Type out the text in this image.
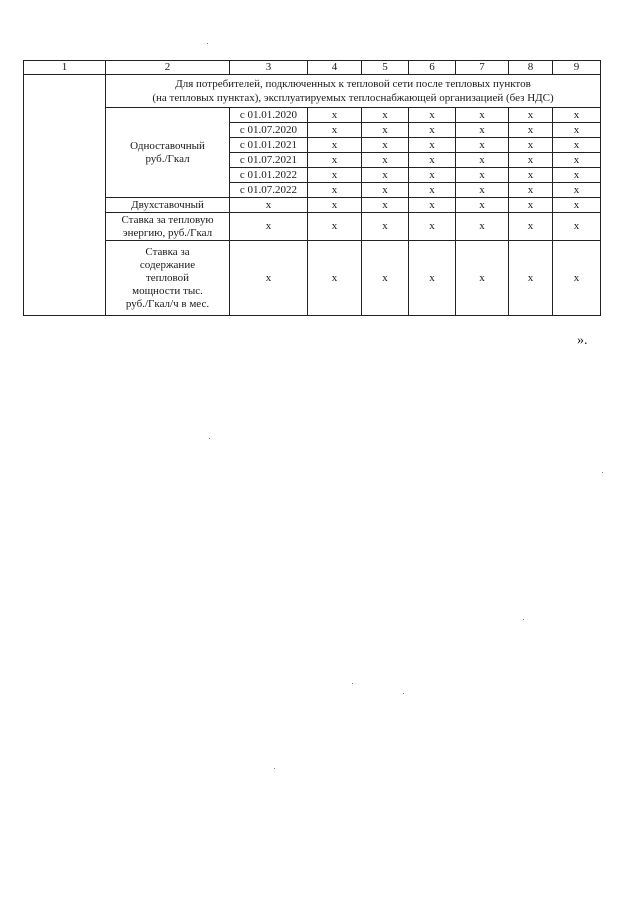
1	2	3	4	5	6	7	8	9
	Для потребителей, подключенных к тепловой сети после тепловых пунктов
(на тепловых пунктах), эксплуатируемых теплоснабжающей организацией (без НДС)							
	Одноставочный
руб./Гкал	с 01.01.2020	х	х	х	х	х	х
		с 01.07.2020	х	х	х	х	х	х
		с 01.01.2021	х	х	х	х	х	х
		с 01.07.2021	х	х	х	х	х	х
		с 01.01.2022	х	х	х	х	х	х
		с 01.07.2022	х	х	х	х	х	х
	Двухставочный	х	х	х	х	х	х	х
	Ставка за тепловую
энергию, руб./Гкал	х	х	х	х	х	х	х
	Ставка за
содержание
тепловой
мощности тыс.
руб./Гкал/ч в мес.	х	х	х	х	х	х	х
».
